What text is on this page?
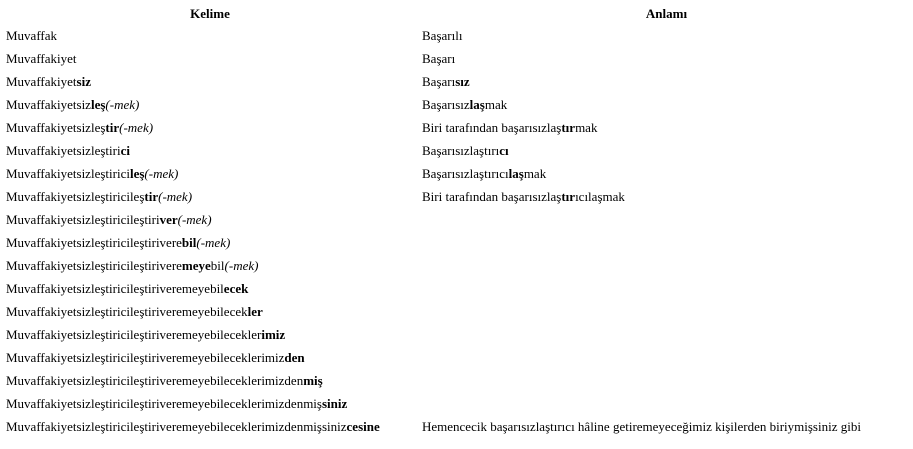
Kelime	Anlamı
Muvaffak	Başarılı
Muvaffakiyet	Başarı
Muvaffakiyetsiz	Başarısız
Muvaffakiyetsizleş(-mek)	Başarısızlaşmak
Muvaffakiyetsizleştir(-mek)	Biri tarafından başarısızlaştırmak
Muvaffakiyetsizleştirici	Başarısızlaştırıcı
Muvaffakiyetsizleştiricileş(-mek)	Başarısızlaştırıcılaşmak
Muvaffakiyetsizleştiricileştir(-mek)	Biri tarafından başarısızlaştırıcılaşmak
Muvaffakiyetsizleştiricileştiriver(-mek)	
Muvaffakiyetsizleştiricileştiriverebil(-mek)	
Muvaffakiyetsizleştiricileştiriveremeyebil(-mek)	
Muvaffakiyetsizleştiricileştiriveremeyebilecek	
Muvaffakiyetsizleştiricileştiriveremeyebilecekler	
Muvaffakiyetsizleştiricileştiriveremeyebileceklerimiz	
Muvaffakiyetsizleştiricileştiriveremeyebileceklerimizden	
Muvaffakiyetsizleştiricileştiriveremeyebileceklerimizdenmiş	
Muvaffakiyetsizleştiricileştiriveremeyebileceklerimizdenmişsiniz	
Muvaffakiyetsizleştiricileştiriveremeyebileceklerimizdenmişsinizcesine	Hemencecik başarısızlaştırıcı hâline getiremeyeceğimiz kişilerden biriymişsiniz gibi
